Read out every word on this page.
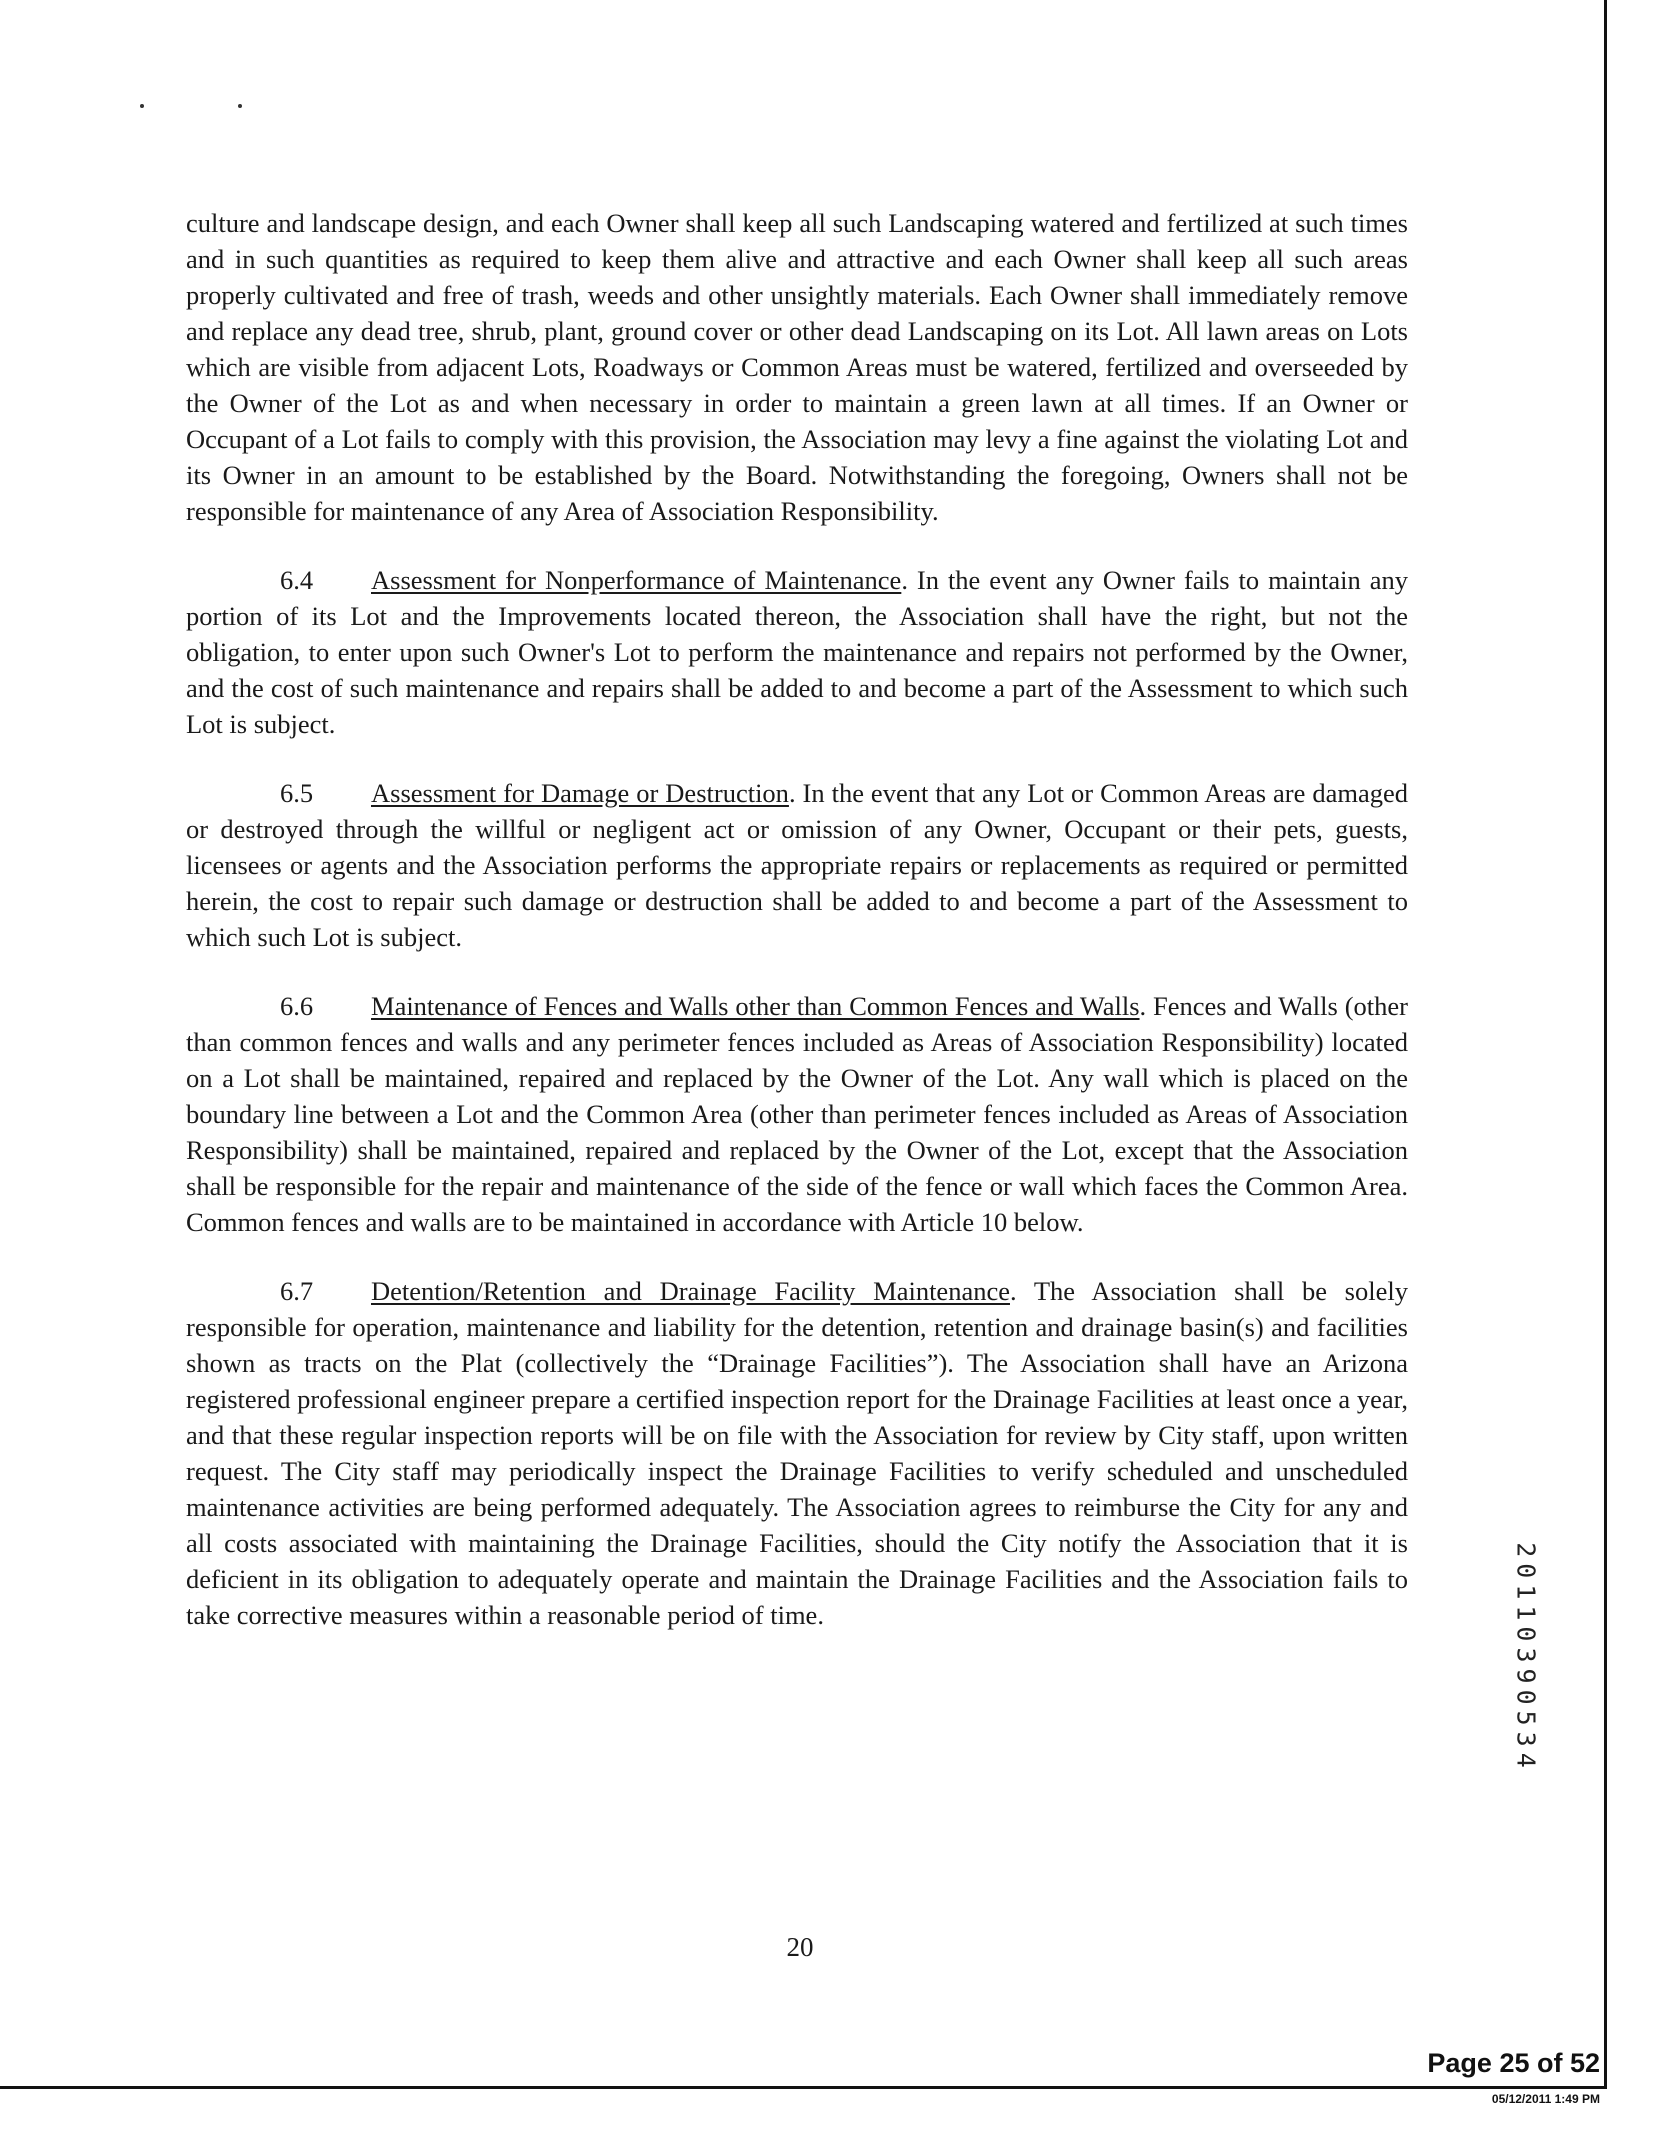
culture and landscape design, and each Owner shall keep all such Landscaping watered and fertilized at such times and in such quantities as required to keep them alive and attractive and each Owner shall keep all such areas properly cultivated and free of trash, weeds and other unsightly materials. Each Owner shall immediately remove and replace any dead tree, shrub, plant, ground cover or other dead Landscaping on its Lot. All lawn areas on Lots which are visible from adjacent Lots, Roadways or Common Areas must be watered, fertilized and overseeded by the Owner of the Lot as and when necessary in order to maintain a green lawn at all times. If an Owner or Occupant of a Lot fails to comply with this provision, the Association may levy a fine against the violating Lot and its Owner in an amount to be established by the Board. Notwithstanding the foregoing, Owners shall not be responsible for maintenance of any Area of Association Responsibility.

6.4 Assessment for Nonperformance of Maintenance. In the event any Owner fails to maintain any portion of its Lot and the Improvements located thereon, the Association shall have the right, but not the obligation, to enter upon such Owner's Lot to perform the maintenance and repairs not performed by the Owner, and the cost of such maintenance and repairs shall be added to and become a part of the Assessment to which such Lot is subject.

6.5 Assessment for Damage or Destruction. In the event that any Lot or Common Areas are damaged or destroyed through the willful or negligent act or omission of any Owner, Occupant or their pets, guests, licensees or agents and the Association performs the appropriate repairs or replacements as required or permitted herein, the cost to repair such damage or destruction shall be added to and become a part of the Assessment to which such Lot is subject.

6.6 Maintenance of Fences and Walls other than Common Fences and Walls. Fences and Walls (other than common fences and walls and any perimeter fences included as Areas of Association Responsibility) located on a Lot shall be maintained, repaired and replaced by the Owner of the Lot. Any wall which is placed on the boundary line between a Lot and the Common Area (other than perimeter fences included as Areas of Association Responsibility) shall be maintained, repaired and replaced by the Owner of the Lot, except that the Association shall be responsible for the repair and maintenance of the side of the fence or wall which faces the Common Area. Common fences and walls are to be maintained in accordance with Article 10 below.

6.7 Detention/Retention and Drainage Facility Maintenance. The Association shall be solely responsible for operation, maintenance and liability for the detention, retention and drainage basin(s) and facilities shown as tracts on the Plat (collectively the “Drainage Facilities”). The Association shall have an Arizona registered professional engineer prepare a certified inspection report for the Drainage Facilities at least once a year, and that these regular inspection reports will be on file with the Association for review by City staff, upon written request. The City staff may periodically inspect the Drainage Facilities to verify scheduled and unscheduled maintenance activities are being performed adequately. The Association agrees to reimburse the City for any and all costs associated with maintaining the Drainage Facilities, should the City notify the Association that it is deficient in its obligation to adequately operate and maintain the Drainage Facilities and the Association fails to take corrective measures within a reasonable period of time.

20
20110390534
Page 25 of 52
05/12/2011 1:49 PM
